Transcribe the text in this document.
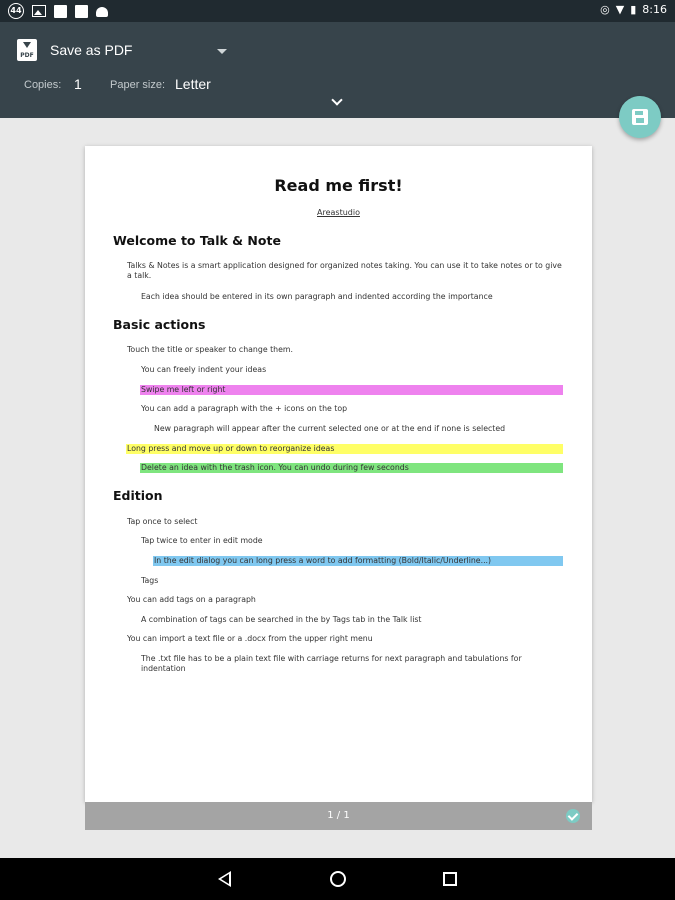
44	◎ ▼ ▮ 8:16
PDF Save as PDF
Copies: 1	Paper size: Letter
Read me first!
Areastudio
Welcome to Talk & Note
Talks & Notes is a smart application designed for organized notes taking. You can use it to take notes or to give a talk.
Each idea should be entered in its own paragraph and indented according the importance
Basic actions
Touch the title or speaker to change them.
You can freely indent your ideas
Swipe me left or right
You can add a paragraph with the + icons on the top
New paragraph will appear after the current selected one or at the end if none is selected
Long press and move up or down to reorganize ideas
Delete an idea with the trash icon. You can undo during few seconds
Edition
Tap once to select
Tap twice to enter in edit mode
In the edit dialog you can long press a word to add formatting (Bold/Italic/Underline...)
Tags
You can add tags on a paragraph
A combination of tags can be searched in the by Tags tab in the Talk list
You can import a text file or a .docx from the upper right menu
The .txt file has to be a plain text file with carriage returns for next paragraph and tabulations for indentation
1 / 1
